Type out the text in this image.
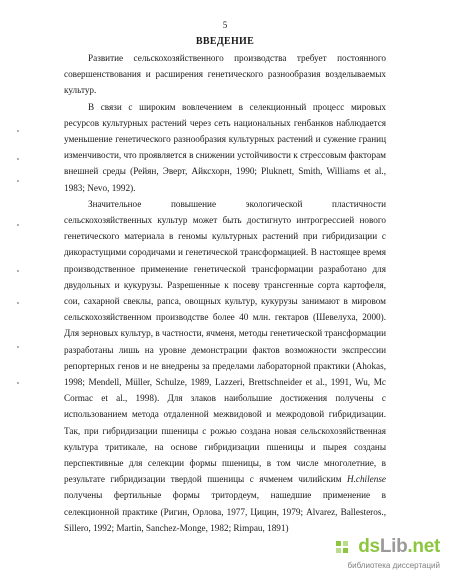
5
ВВЕДЕНИЕ

Развитие сельскохозяйственного производства требует постоянного совершенствования и расширения генетического разнообразия возделываемых культур.

В связи с широким вовлечением в селекционный процесс мировых ресурсов культурных растений через сеть национальных генбанков наблюдается уменьшение генетического разнообразия культурных растений и сужение границ изменчивости, что проявляется в снижении устойчивости к стрессовым факторам внешней среды (Рейян, Эверт, Айксхорн, 1990; Pluknett, Smith, Williams et al., 1983; Nevo, 1992).

Значительное повышение экологической пластичности сельскохозяйственных культур может быть достигнуто интрогрессией нового генетического материала в геномы культурных растений при гибридизации с дикорастущими сородичами и генетической трансформацией. В настоящее время производственное применение генетической трансформации разработано для двудольных и кукурузы. Разрешенные к посеву трансгенные сорта картофеля, сои, сахарной свеклы, рапса, овощных культур, кукурузы занимают в мировом сельскохозяйственном производстве более 40 млн. гектаров (Шевелуха, 2000). Для зерновых культур, в частности, ячменя, методы генетической трансформации разработаны лишь на уровне демонстрации фактов возможности экспрессии репортерных генов и не внедрены за пределами лабораторной практики (Ahokas, 1998; Mendell, Müller, Schulze, 1989, Lazzeri, Brettschneider et al., 1991, Wu, Mc Cormac et al., 1998). Для злаков наибольшие достижения получены с использованием метода отдаленной межвидовой и межродовой гибридизации. Так, при гибридизации пшеницы с рожью создана новая сельскохозяйственная культура тритикале, на основе гибридизации пшеницы и пырея созданы перспективные для селекции формы пшеницы, в том числе многолетние, в результате гибридизации твердой пшеницы с ячменем чилийским H.chilense получены фертильные формы тритордеум, нашедшие применение в селекционной практике (Ригин, Орлова, 1977, Цицин, 1979; Alvarez, Ballesteros., Sillero, 1992; Martin, Sanchez-Monge, 1982; Rimpau, 1891)

dsLib.net
библиотека диссертаций
